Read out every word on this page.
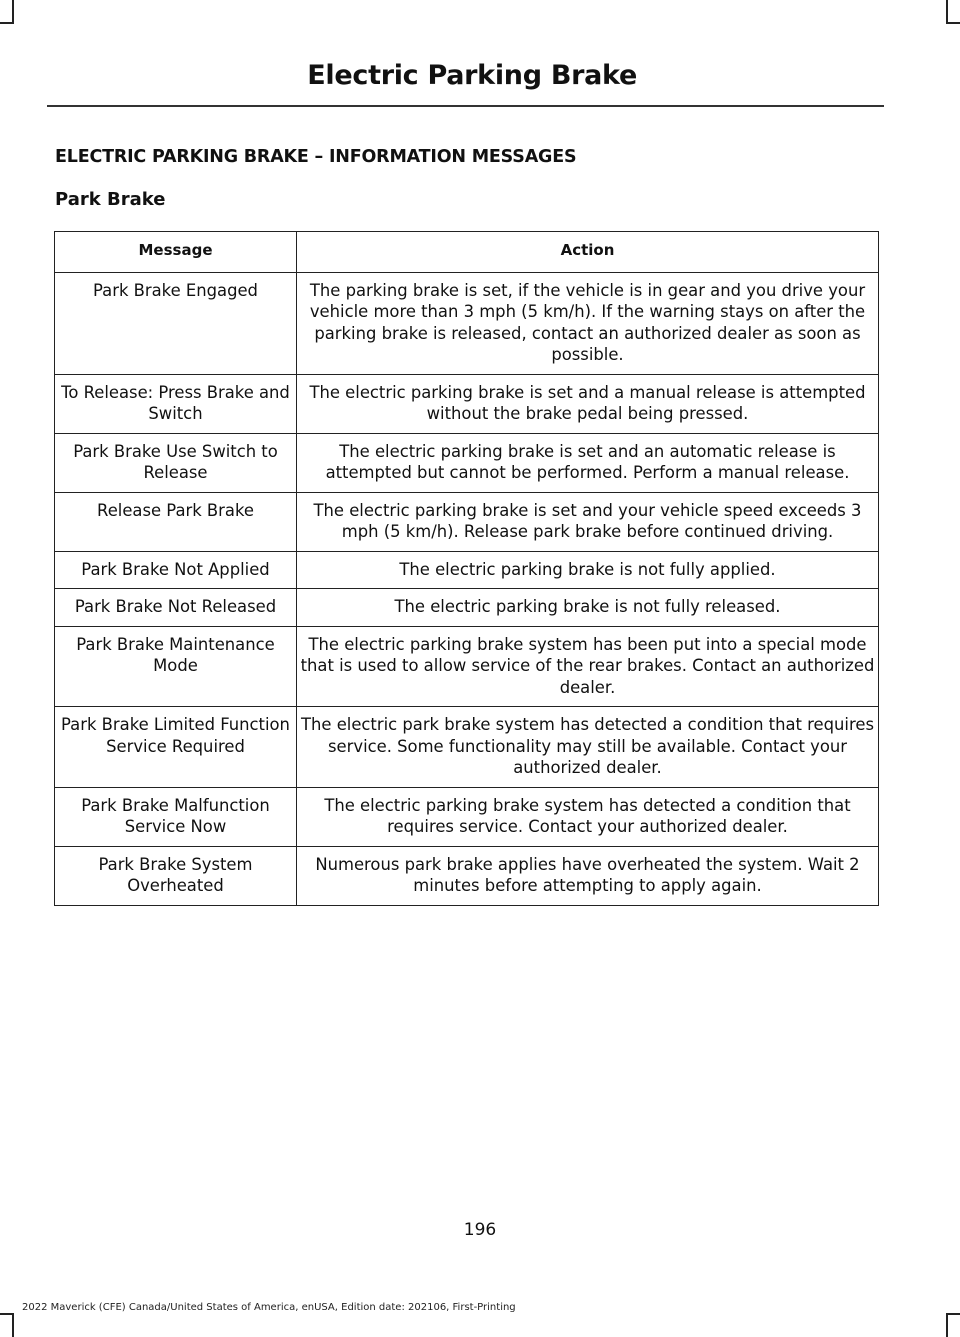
Electric Parking Brake
ELECTRIC PARKING BRAKE – INFORMATION MESSAGES
Park Brake
Message	Action
Park Brake Engaged	The parking brake is set, if the vehicle is in gear and you drive your vehicle more than 3 mph (5 km/h). If the warning stays on after the parking brake is released, contact an authorized dealer as soon as possible.
To Release: Press Brake and Switch	The electric parking brake is set and a manual release is attempted without the brake pedal being pressed.
Park Brake Use Switch to Release	The electric parking brake is set and an automatic release is attempted but cannot be performed. Perform a manual release.
Release Park Brake	The electric parking brake is set and your vehicle speed exceeds 3 mph (5 km/h). Release park brake before continued driving.
Park Brake Not Applied	The electric parking brake is not fully applied.
Park Brake Not Released	The electric parking brake is not fully released.
Park Brake Maintenance Mode	The electric parking brake system has been put into a special mode that is used to allow service of the rear brakes. Contact an authorized dealer.
Park Brake Limited Function Service Required	The electric park brake system has detected a condition that requires service. Some functionality may still be available. Contact your authorized dealer.
Park Brake Malfunction Service Now	The electric parking brake system has detected a condition that requires service. Contact your authorized dealer.
Park Brake System Overheated	Numerous park brake applies have overheated the system. Wait 2 minutes before attempting to apply again.
196
2022 Maverick (CFE) Canada/United States of America, enUSA, Edition date: 202106, First-Printing
